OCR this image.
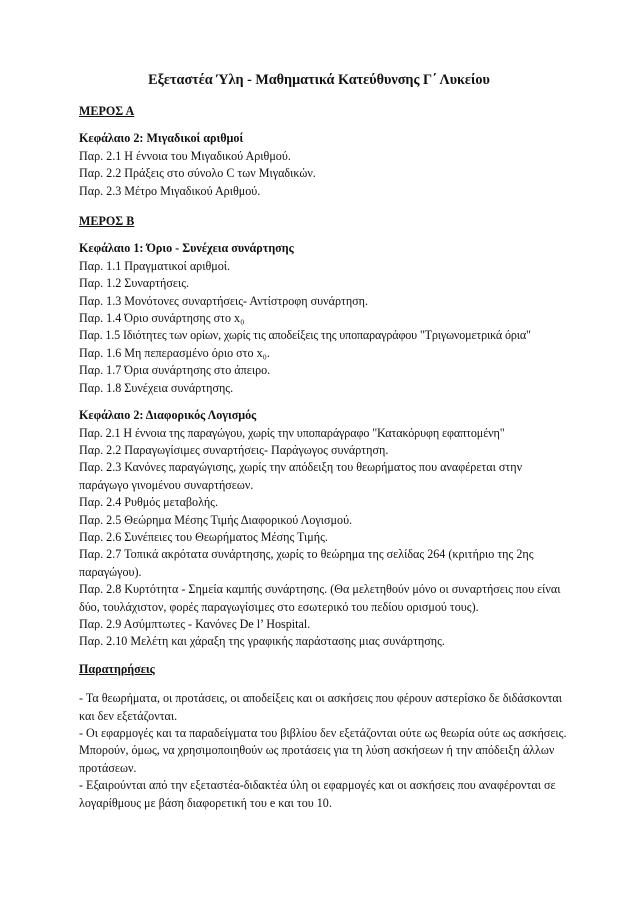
Εξεταστέα Ύλη - Μαθηματικά Κατεύθυνσης Γ΄ Λυκείου

ΜΕΡΟΣ Α

Κεφάλαιο 2: Μιγαδικοί αριθμοί

Παρ. 2.1 Η έννοια του Μιγαδικού Αριθμού.

Παρ. 2.2 Πράξεις στο σύνολο C των Μιγαδικών.

Παρ. 2.3 Μέτρο Μιγαδικού Αριθμού.

ΜΕΡΟΣ Β

Κεφάλαιο 1: Όριο - Συνέχεια συνάρτησης

Παρ. 1.1 Πραγματικοί αριθμοί.

Παρ. 1.2 Συναρτήσεις.

Παρ. 1.3 Μονότονες συναρτήσεις- Αντίστροφη συνάρτηση.

Παρ. 1.4 Όριο συνάρτησης στο x₀

Παρ. 1.5 Ιδιότητες των ορίων, χωρίς τις αποδείξεις της υποπαραγράφου "Τριγωνομετρικά όρια"

Παρ. 1.6 Μη πεπερασμένο όριο στο x₀.

Παρ. 1.7 Όρια συνάρτησης στο άπειρο.

Παρ. 1.8 Συνέχεια συνάρτησης.

Κεφάλαιο 2: Διαφορικός Λογισμός

Παρ. 2.1 Η έννοια της παραγώγου, χωρίς την υποπαράγραφο "Κατακόρυφη εφαπτομένη"

Παρ. 2.2 Παραγωγίσιμες συναρτήσεις- Παράγωγος συνάρτηση.

Παρ. 2.3 Κανόνες παραγώγισης, χωρίς την απόδειξη του θεωρήματος που αναφέρεται στην παράγωγο γινομένου συναρτήσεων.

Παρ. 2.4 Ρυθμός μεταβολής.

Παρ. 2.5 Θεώρημα Μέσης Τιμής Διαφορικού Λογισμού.

Παρ. 2.6 Συνέπειες του Θεωρήματος Μέσης Τιμής.

Παρ. 2.7 Τοπικά ακρότατα συνάρτησης, χωρίς το θεώρημα της σελίδας 264 (κριτήριο της 2ης παραγώγου).

Παρ. 2.8 Κυρτότητα - Σημεία καμπής συνάρτησης. (Θα μελετηθούν μόνο οι συναρτήσεις που είναι δύο, τουλάχιστον, φορές παραγωγίσιμες στο εσωτερικό του πεδίου ορισμού τους).

Παρ. 2.9 Ασύμπτωτες - Κανόνες De l’ Hospital.

Παρ. 2.10 Μελέτη και χάραξη της γραφικής παράστασης μιας συνάρτησης.

Παρατηρήσεις

- Τα θεωρήματα, οι προτάσεις, οι αποδείξεις και οι ασκήσεις που φέρουν αστερίσκο δε διδάσκονται και δεν εξετάζονται.

- Οι εφαρμογές και τα παραδείγματα του βιβλίου δεν εξετάζονται ούτε ως θεωρία ούτε ως ασκήσεις. Μπορούν, όμως, να χρησιμοποιηθούν ως προτάσεις για τη λύση ασκήσεων ή την απόδειξη άλλων προτάσεων.

- Εξαιρούνται από την εξεταστέα-διδακτέα ύλη οι εφαρμογές και οι ασκήσεις που αναφέρονται σε λογαρίθμους με βάση διαφορετική του e και του 10.
